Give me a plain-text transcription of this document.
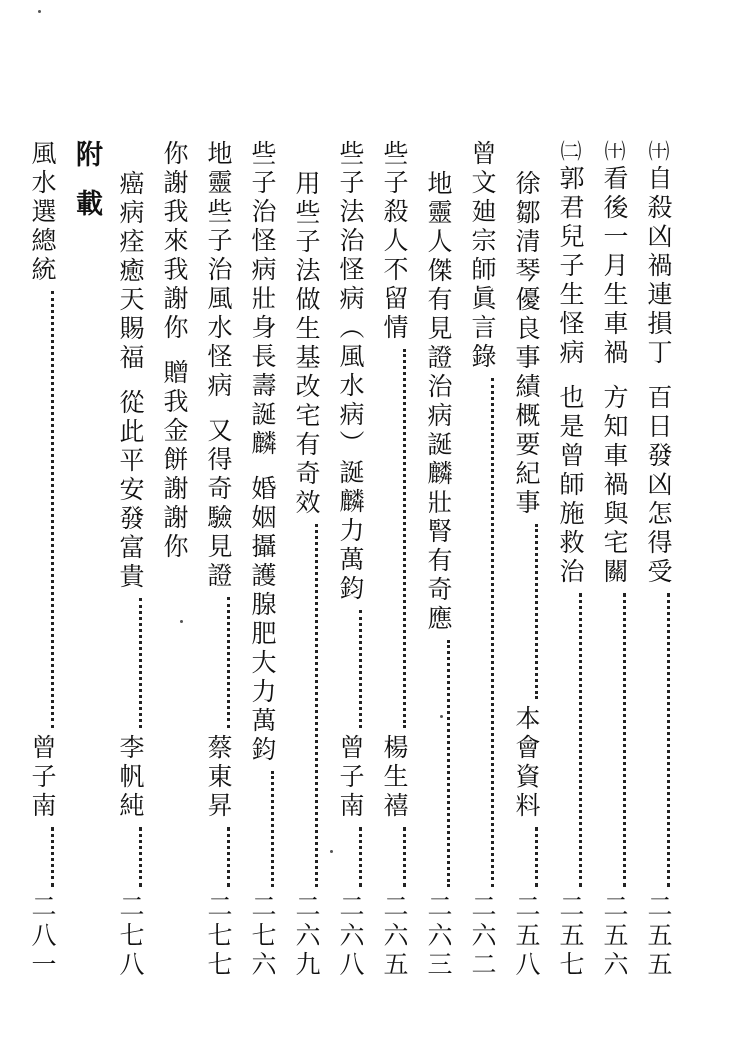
㈩
自殺凶禍連損丁
百日發凶怎得受
二五五
㈩
看後一月生車禍
方知車禍與宅關
二五六
㈡
郭君兒子生怪病
也是曾師施救治
二五七
徐鄒清琴優良事績概要紀事
本會資料
二五八
曾文廸宗師眞言錄
二六二
地靈人傑有見證治病誕麟壯腎有奇應
二六三
些子殺人不留情
楊生禧
二六五
些子法治怪病（風水病）誕麟力萬鈞
曾子南
二六八
用些子法做生基改宅有奇效
二六九
些子治怪病壯身長壽誕麟
婚姻攝護腺肥大力萬鈞
二七六
地靈些子治風水怪病
又得奇驗見證
蔡東昇
二七七
你謝我來我謝你
贈我金餅謝謝你
癌病痊癒天賜福
從此平安發富貴
李帆純
二七八
附載
風水選總統
曾子南
二八一
